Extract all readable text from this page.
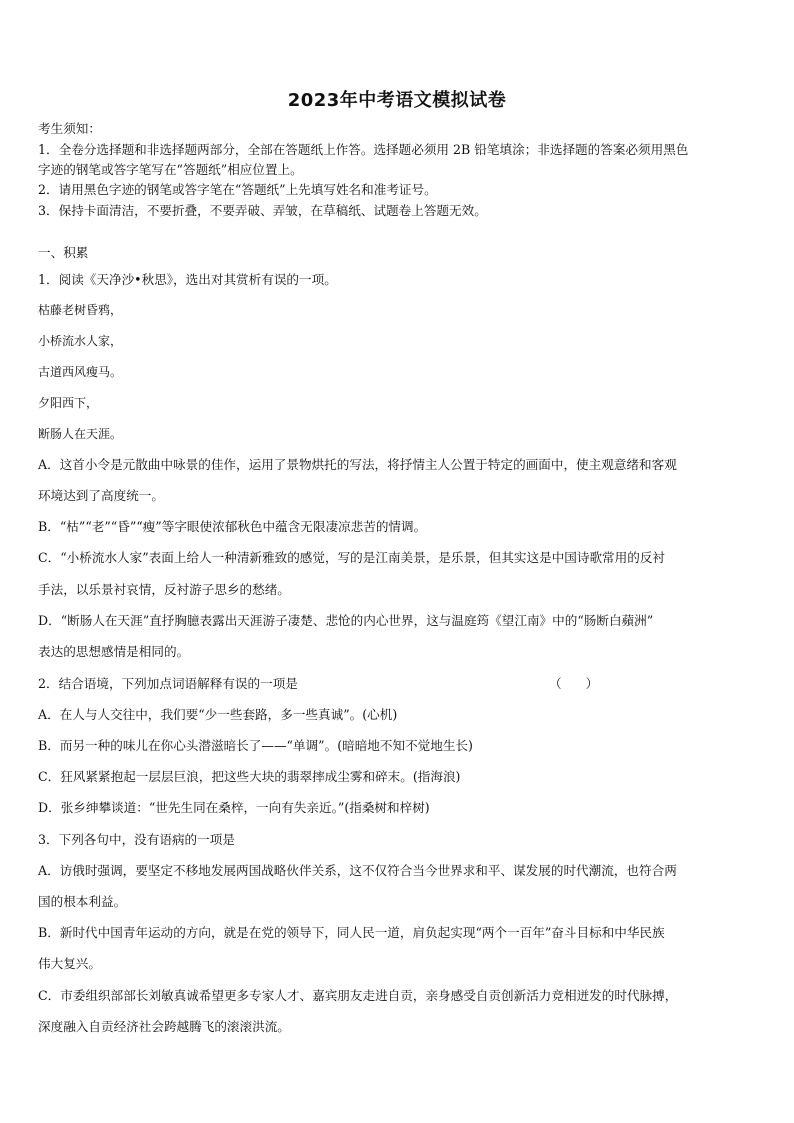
2023年中考语文模拟试卷
考生须知：
1．全卷分选择题和非选择题两部分，全部在答题纸上作答。选择题必须用 2B 铅笔填涂；非选择题的答案必须用黑色
字迹的钢笔或答字笔写在“答题纸”相应位置上。
2．请用黑色字迹的钢笔或答字笔在“答题纸”上先填写姓名和准考证号。
3．保持卡面清洁，不要折叠，不要弄破、弄皱，在草稿纸、试题卷上答题无效。
一、积累
1．阅读《天净沙•秋思》，选出对其赏析有误的一项。
枯藤老树昏鸦，
小桥流水人家，
古道西风瘦马。
夕阳西下，
断肠人在天涯。
A．这首小令是元散曲中咏景的佳作，运用了景物烘托的写法，将抒情主人公置于特定的画面中，使主观意绪和客观
环境达到了高度统一。
B．“枯”“老”“昏”“瘦”等字眼使浓郁秋色中蕴含无限凄凉悲苦的情调。
C．“小桥流水人家”表面上给人一种清新雅致的感觉，写的是江南美景，是乐景，但其实这是中国诗歌常用的反衬
手法，以乐景衬哀情，反衬游子思乡的愁绪。
D．“断肠人在天涯”直抒胸臆表露出天涯游子凄楚、悲怆的内心世界，这与温庭筠《望江南》中的“肠断白蘋洲”
表达的思想感情是相同的。
2．结合语境，下列加点词语解释有误的一项是	（      ）
A．在人与人交往中，我们要“少一些套路，多一些真诚”。(心机)
B．而另一种的味儿在你心头潜滋暗长了——“单调”。(暗暗地不知不觉地生长)
C．狂风紧紧抱起一层层巨浪，把这些大块的翡翠摔成尘雾和碎末。(指海浪)
D．张乡绅攀谈道：“世先生同在桑梓，一向有失亲近。”(指桑树和梓树)
3．下列各句中，没有语病的一项是
A．访俄时强调，要坚定不移地发展两国战略伙伴关系，这不仅符合当今世界求和平、谋发展的时代潮流，也符合两
国的根本利益。
B．新时代中国青年运动的方向，就是在党的领导下，同人民一道，肩负起实现“两个一百年”奋斗目标和中华民族
伟大复兴。
C．市委组织部部长刘敏真诚希望更多专家人才、嘉宾朋友走进自贡，亲身感受自贡创新活力竞相迸发的时代脉搏，
深度融入自贡经济社会跨越腾飞的滚滚洪流。
